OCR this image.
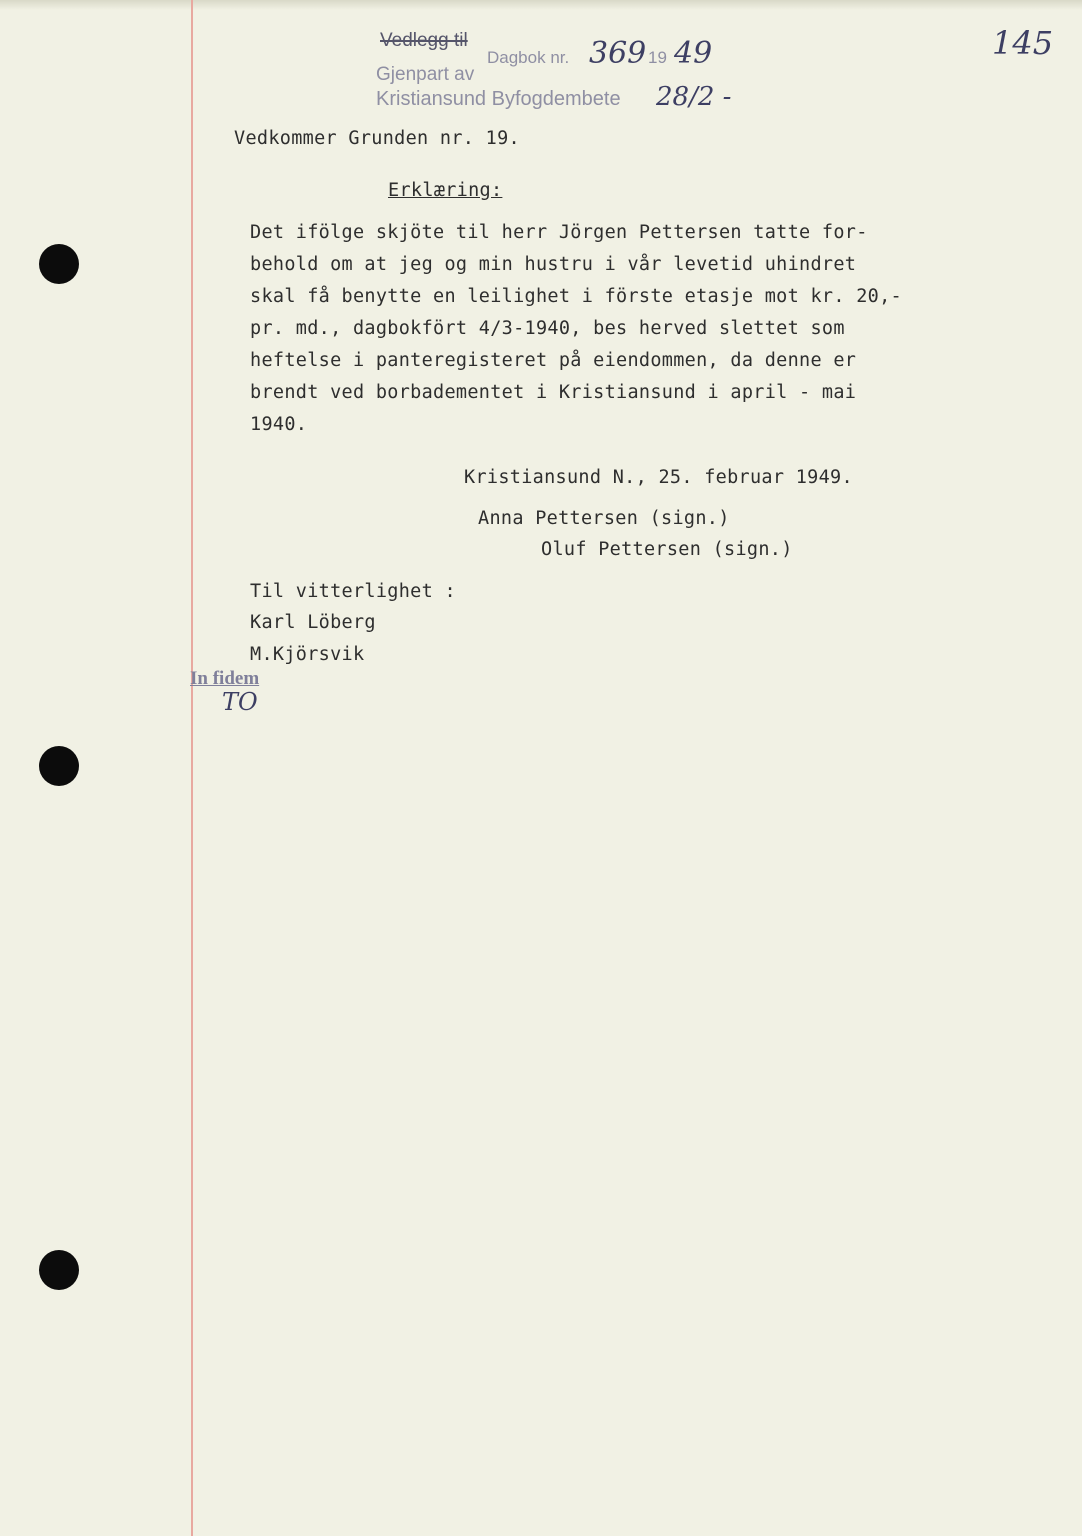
Vedlegg til
Dagbok nr. 369 19 49
Gjenpart av
Kristiansund Byfogdembete 28/2 -
145
Vedkommer Grunden nr. 19.
Erklæring:
Det ifölge skjöte til herr Jörgen Pettersen tatte for-
behold om at jeg og min hustru i vår levetid uhindret
skal få benytte en leilighet i förste etasje mot kr. 20,-
pr. md., dagbokfört 4/3-1940, bes herved slettet som
heftelse i panteregisteret på eiendommen, da denne er
brendt ved borbadementet i Kristiansund i april - mai
1940.
Kristiansund N., 25. februar 1949.
Anna Pettersen (sign.)
Oluf Pettersen (sign.)
Til vitterlighet :
Karl Löberg
M.Kjörsvik
In fidem
TO
